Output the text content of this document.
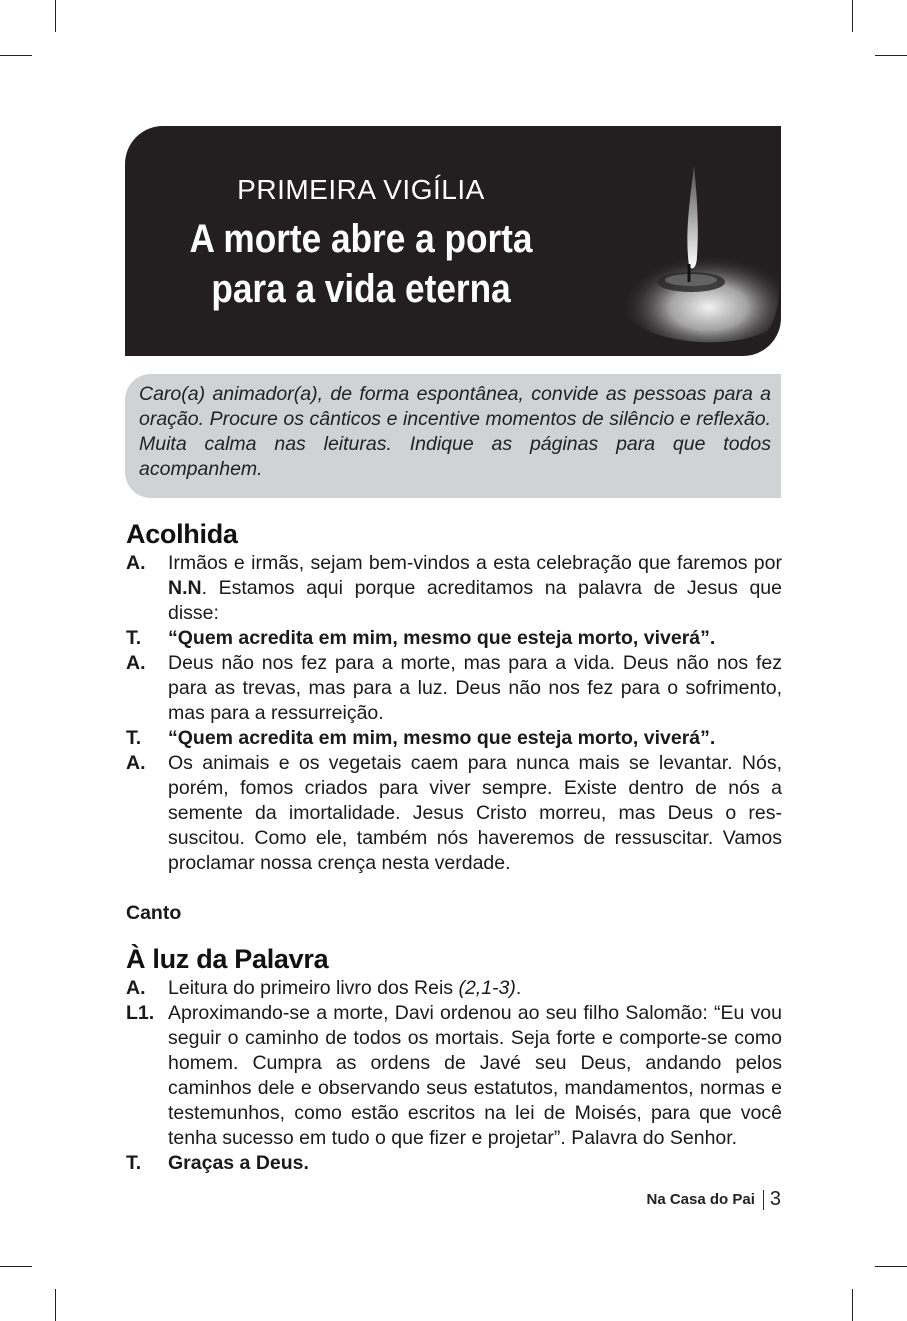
PRIMEIRA VIGÍLIA
A morte abre a porta
para a vida eterna

Caro(a) animador(a), de forma espontânea, convide as pessoas para a oração. Procure os cânticos e incentive momentos de silêncio e reflexão. Muita calma nas leituras. Indique as páginas para que todos acompanhem.

Acolhida
A.	Irmãos e irmãs, sejam bem-vindos a esta celebração que faremos por N.N. Estamos aqui porque acreditamos na palavra de Jesus que disse:
T.	“Quem acredita em mim, mesmo que esteja morto, viverá”.
A.	Deus não nos fez para a morte, mas para a vida. Deus não nos fez para as trevas, mas para a luz. Deus não nos fez para o sofrimento, mas para a ressurreição.
T.	“Quem acredita em mim, mesmo que esteja morto, viverá”.
A.	Os animais e os vegetais caem para nunca mais se levantar. Nós, porém, fomos criados para viver sempre. Existe dentro de nós a semente da imortalidade. Jesus Cristo morreu, mas Deus o ressuscitou. Como ele, também nós haveremos de ressuscitar. Vamos proclamar nossa crença nesta verdade.
Canto
À luz da Palavra
A.	Leitura do primeiro livro dos Reis (2,1-3).
L1. Aproximando-se a morte, Davi ordenou ao seu filho Salomão: “Eu vou seguir o caminho de todos os mortais. Seja forte e comporte-se como homem. Cumpra as ordens de Javé seu Deus, andando pelos caminhos dele e observando seus estatutos, mandamentos, normas e testemunhos, como estão escritos na lei de Moisés, para que você tenha sucesso em tudo o que fizer e projetar”. Palavra do Senhor.
T.	Graças a Deus.
Na Casa do Pai 3
